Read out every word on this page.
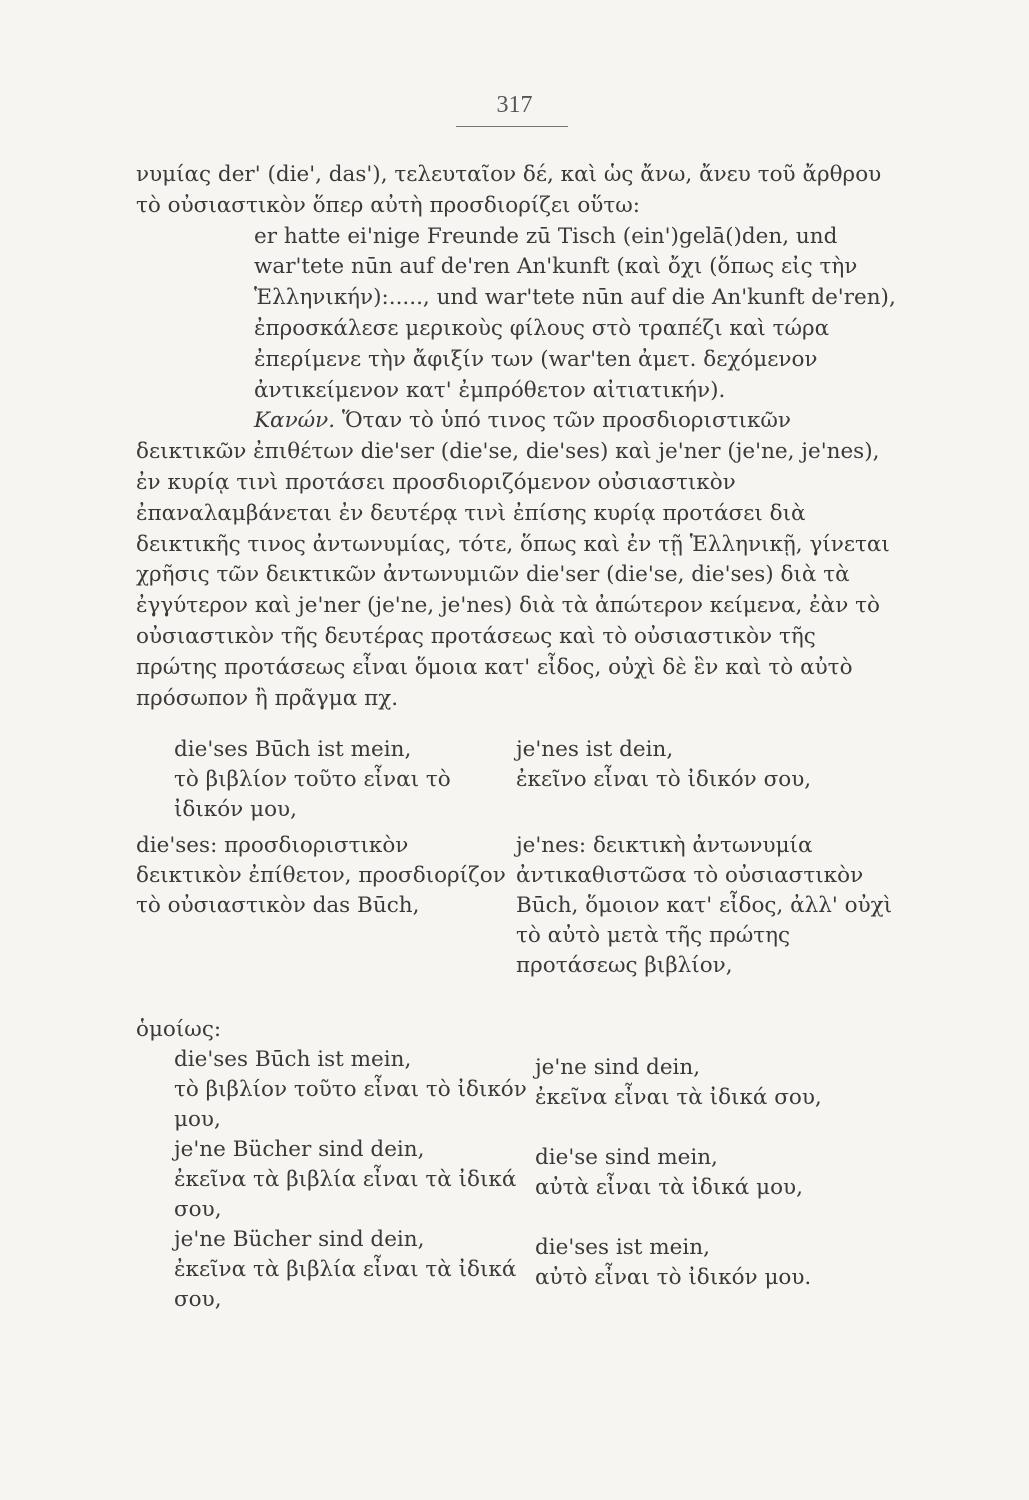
317
νυμίας der' (die', das'), τελευταῖον δέ, καὶ ὡς ἄνω, ἄνευ τοῦ ἄρθρου
τὸ οὐσιαστικὸν ὅπερ αὐτὴ προσδιορίζει οὕτω:
er hatte ei'nige Freunde zū Tisch (ein')gelā()den, und war'tete nūn auf de'ren An'kunft (καὶ ὄχι (ὅπως εἰς τὴν Ἑλληνικήν):....., und war'tete nūn auf die An'kunft de'ren), ἐπροσκάλεσε μερικοὺς φίλους στὸ τραπέζι καὶ τώρα ἐπερίμενε τὴν ἄφιξίν των (war'ten ἀμετ. δεχόμενον ἀντικείμενον κατ' ἐμπρόθετον αἰτιατικήν).
Κανών. Ὅταν τὸ ὑπό τινος τῶν προσδιοριστικῶν δεικτικῶν ἐπιθέτων die'ser (die'se, die'ses) καὶ je'ner (je'ne, je'nes), ἐν κυρίᾳ τινὶ προτάσει προσδιοριζόμενον οὐσιαστικὸν ἐπαναλαμβάνεται ἐν δευτέρᾳ τινὶ ἐπίσης κυρίᾳ προτάσει διὰ δεικτικῆς τινος ἀντωνυμίας, τότε, ὅπως καὶ ἐν τῇ Ἑλληνικῇ, γίνεται χρῆσις τῶν δεικτικῶν ἀντωνυμιῶν die'ser (die'se, die'ses) διὰ τὰ ἐγγύτερον καὶ je'ner (je'ne, je'nes) διὰ τὰ ἀπώτερον κείμενα, ἐὰν τὸ οὐσιαστικὸν τῆς δευτέρας προτάσεως καὶ τὸ οὐσιαστικὸν τῆς πρώτης προτάσεως εἶναι ὅμοια κατ' εἶδος, οὐχὶ δὲ ἓν καὶ τὸ αὐτὸ πρόσωπον ἢ πρᾶγμα πχ.
die'ses Būch ist mein,
τὸ βιβλίον τοῦτο εἶναι τὸ ἰδικόν μου,
je'nes ist dein,
ἐκεῖνο εἶναι τὸ ἰδικόν σου,
die'ses: προσδιοριστικὸν δεικτικὸν ἐπίθετον, προσδιορίζον τὸ οὐσιαστικὸν das Būch,
je'nes: δεικτικὴ ἀντωνυμία ἀντικαθιστῶσα τὸ οὐσιαστικὸν Būch, ὅμοιον κατ' εἶδος, ἀλλ' οὐχὶ τὸ αὐτὸ μετὰ τῆς πρώτης προτάσεως βιβλίον,
ὁμοίως:
die'ses Būch ist mein,
τὸ βιβλίον τοῦτο εἶναι τὸ ἰδικόν μου,
je'ne sind dein,
ἐκεῖνα εἶναι τὰ ἰδικά σου,
je'ne Bücher sind dein,
ἐκεῖνα τὰ βιβλία εἶναι τὰ ἰδικά σου,
die'se sind mein,
αὐτὰ εἶναι τὰ ἰδικά μου,
je'ne Bücher sind dein,
ἐκεῖνα τὰ βιβλία εἶναι τὰ ἰδικά σου,
die'ses ist mein,
αὐτὸ εἶναι τὸ ἰδικόν μου.
